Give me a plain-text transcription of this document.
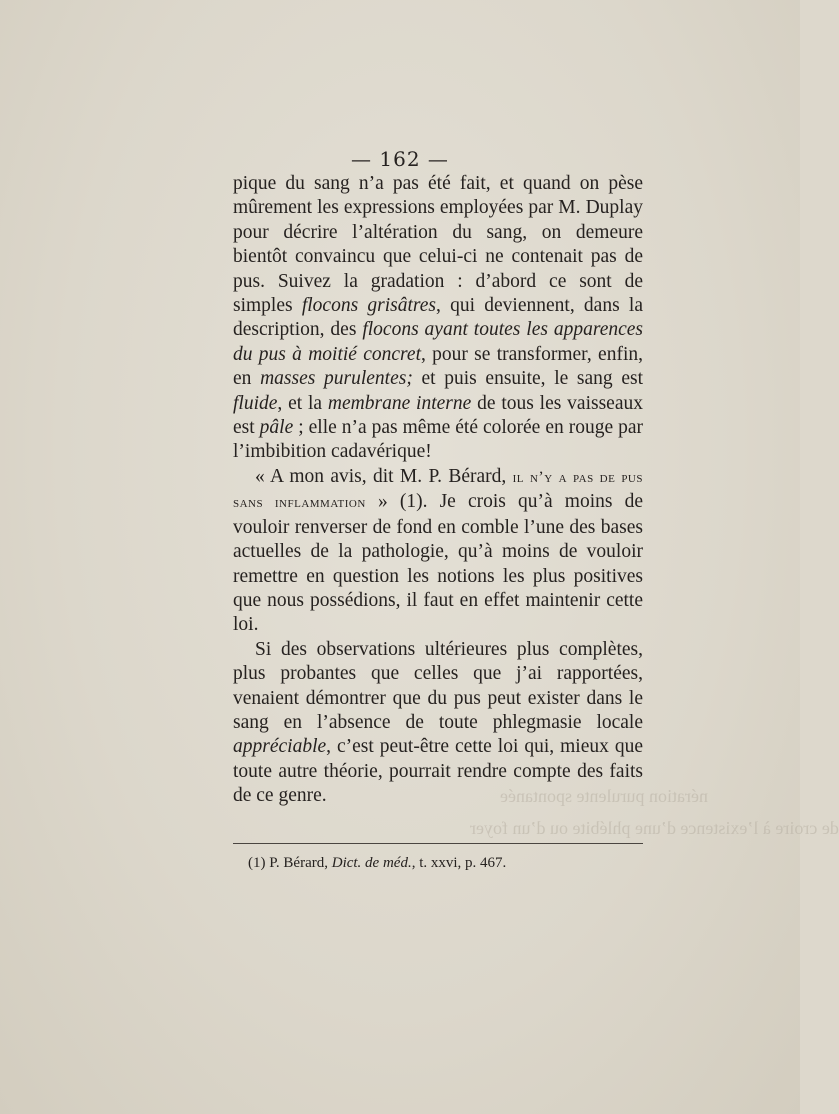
nération purulente spontanée
de croire à l’existence d’une phlébite ou d’un foyer
— 162 —

pique du sang n’a pas été fait, et quand on pèse mûrement les expressions employées par M. Duplay pour décrire l’altération du sang, on demeure bientôt convaincu que celui-ci ne contenait pas de pus. Suivez la gradation : d’abord ce sont de simples flocons grisâtres, qui deviennent, dans la description, des flocons ayant toutes les apparences du pus à moitié concret, pour se transformer, enfin, en masses purulentes; et puis ensuite, le sang est fluide, et la membrane interne de tous les vaisseaux est pâle ; elle n’a pas même été colorée en rouge par l’imbibition cadavérique!

« A mon avis, dit M. P. Bérard, il n’y a pas de pus sans inflammation » (1). Je crois qu’à moins de vouloir renverser de fond en comble l’une des bases actuelles de la pathologie, qu’à moins de vouloir remettre en question les notions les plus positives que nous possédions, il faut en effet maintenir cette loi.

Si des observations ultérieures plus complètes, plus probantes que celles que j’ai rapportées, venaient démontrer que du pus peut exister dans le sang en l’absence de toute phlegmasie locale appréciable, c’est peut-être cette loi qui, mieux que toute autre théorie, pourrait rendre compte des faits de ce genre.

(1) P. Bérard, Dict. de méd., t. xxvi, p. 467.
